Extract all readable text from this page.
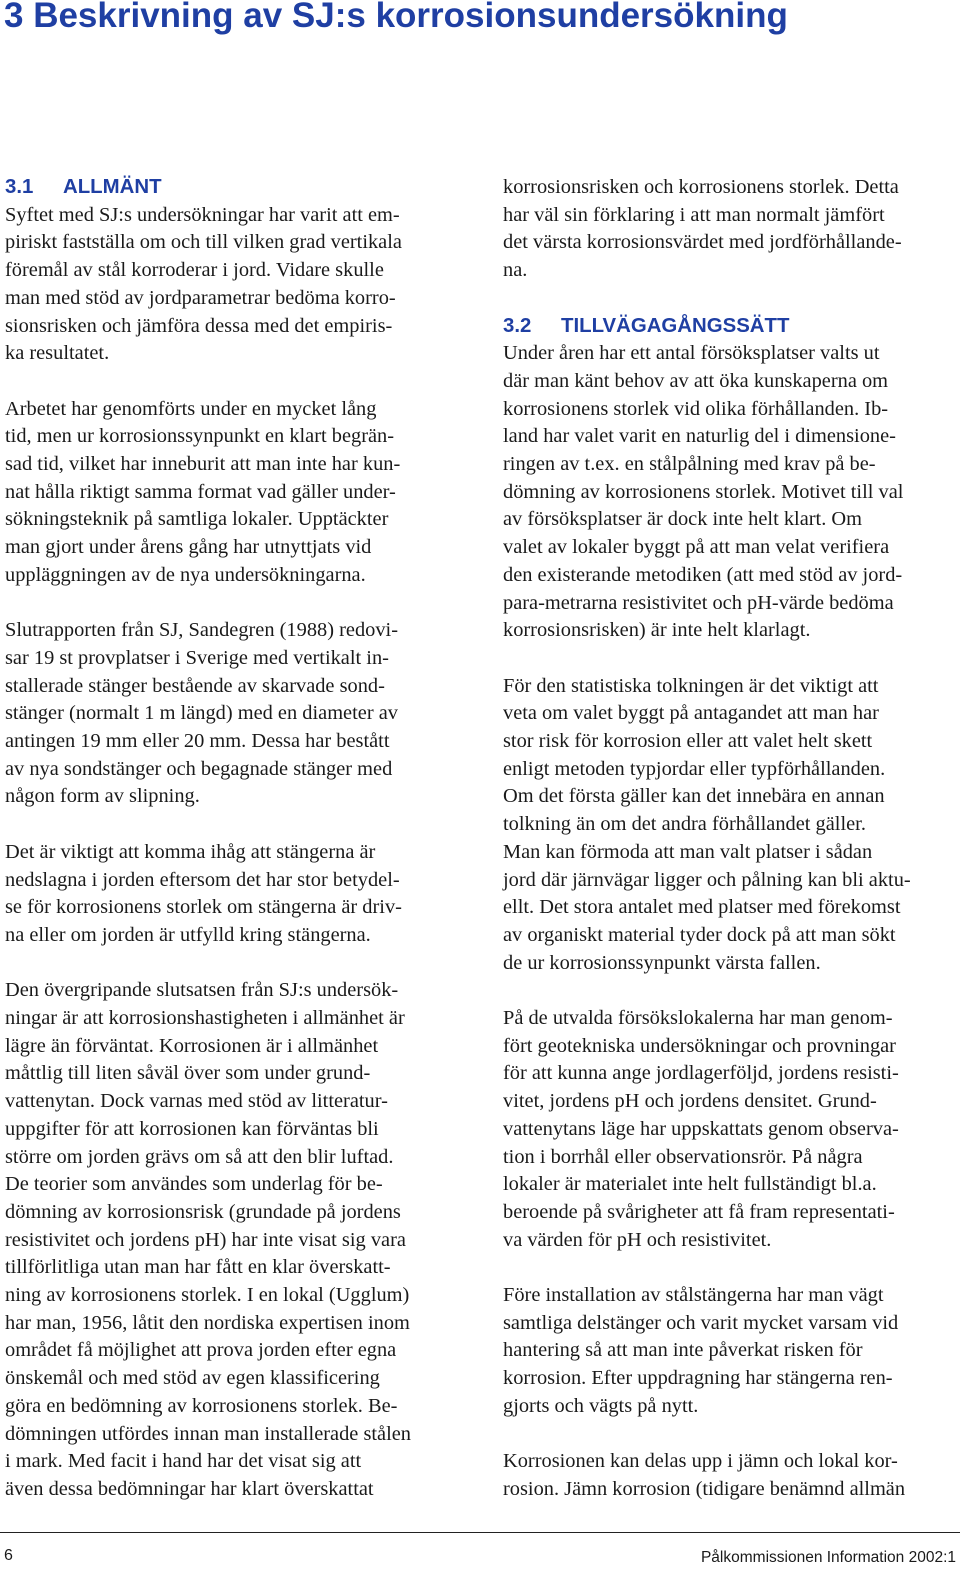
3 Beskrivning av SJ:s korrosionsundersökning
3.1 ALLMÄNT

Syftet med SJ:s undersökningar har varit att em-
piriskt fastställa om och till vilken grad vertikala
föremål av stål korroderar i jord. Vidare skulle
man med stöd av jordparametrar bedöma korro-
sionsrisken och jämföra dessa med det empiris-
ka resultatet.

Arbetet har genomförts under en mycket lång
tid, men ur korrosionssynpunkt en klart begrän-
sad tid, vilket har inneburit att man inte har kun-
nat hålla riktigt samma format vad gäller under-
sökningsteknik på samtliga lokaler. Upptäckter
man gjort under årens gång har utnyttjats vid
uppläggningen av de nya undersökningarna.

Slutrapporten från SJ, Sandegren (1988) redovi-
sar 19 st provplatser i Sverige med vertikalt in-
stallerade stänger bestående av skarvade sond-
stänger (normalt 1 m längd) med en diameter av
antingen 19 mm eller 20 mm. Dessa har bestått
av nya sondstänger och begagnade stänger med
någon form av slipning.

Det är viktigt att komma ihåg att stängerna är
nedslagna i jorden eftersom det har stor betydel-
se för korrosionens storlek om stängerna är driv-
na eller om jorden är utfylld kring stängerna.

Den övergripande slutsatsen från SJ:s undersök-
ningar är att korrosionshastigheten i allmänhet är
lägre än förväntat. Korrosionen är i allmänhet
måttlig till liten såväl över som under grund-
vattenytan. Dock varnas med stöd av litteratur-
uppgifter för att korrosionen kan förväntas bli
större om jorden grävs om så att den blir luftad.
De teorier som användes som underlag för be-
dömning av korrosionsrisk (grundade på jordens
resistivitet och jordens pH) har inte visat sig vara
tillförlitliga utan man har fått en klar överskatt-
ning av korrosionens storlek. I en lokal (Ugglum)
har man, 1956, låtit den nordiska expertisen inom
området få möjlighet att prova jorden efter egna
önskemål och med stöd av egen klassificering
göra en bedömning av korrosionens storlek. Be-
dömningen utfördes innan man installerade stålen
i mark. Med facit i hand har det visat sig att
även dessa bedömningar har klart överskattat

korrosionsrisken och korrosionens storlek. Detta
har väl sin förklaring i att man normalt jämfört
det värsta korrosionsvärdet med jordförhållande-
na.

3.2 TILLVÄGAGÅNGSSÄTT

Under åren har ett antal försöksplatser valts ut
där man känt behov av att öka kunskaperna om
korrosionens storlek vid olika förhållanden. Ib-
land har valet varit en naturlig del i dimensione-
ringen av t.ex. en stålpålning med krav på be-
dömning av korrosionens storlek. Motivet till val
av försöksplatser är dock inte helt klart. Om
valet av lokaler byggt på att man velat verifiera
den existerande metodiken (att med stöd av jord-
para-metrarna resistivitet och pH-värde bedöma
korrosionsrisken) är inte helt klarlagt.

För den statistiska tolkningen är det viktigt att
veta om valet byggt på antagandet att man har
stor risk för korrosion eller att valet helt skett
enligt metoden typjordar eller typförhållanden.
Om det första gäller kan det innebära en annan
tolkning än om det andra förhållandet gäller.
Man kan förmoda att man valt platser i sådan
jord där järnvägar ligger och pålning kan bli aktu-
ellt. Det stora antalet med platser med förekomst
av organiskt material tyder dock på att man sökt
de ur korrosionssynpunkt värsta fallen.

På de utvalda försökslokalerna har man genom-
fört geotekniska undersökningar och provningar
för att kunna ange jordlagerföljd, jordens resisti-
vitet, jordens pH och jordens densitet. Grund-
vattenytans läge har uppskattats genom observa-
tion i borrhål eller observationsrör. På några
lokaler är materialet inte helt fullständigt bl.a.
beroende på svårigheter att få fram representati-
va värden för pH och resistivitet.

Före installation av stålstängerna har man vägt
samtliga delstänger och varit mycket varsam vid
hantering så att man inte påverkat risken för
korrosion. Efter uppdragning har stängerna ren-
gjorts och vägts på nytt.

Korrosionen kan delas upp i jämn och lokal kor-
rosion. Jämn korrosion (tidigare benämnd allmän

6	Pålkommissionen Information 2002:1
